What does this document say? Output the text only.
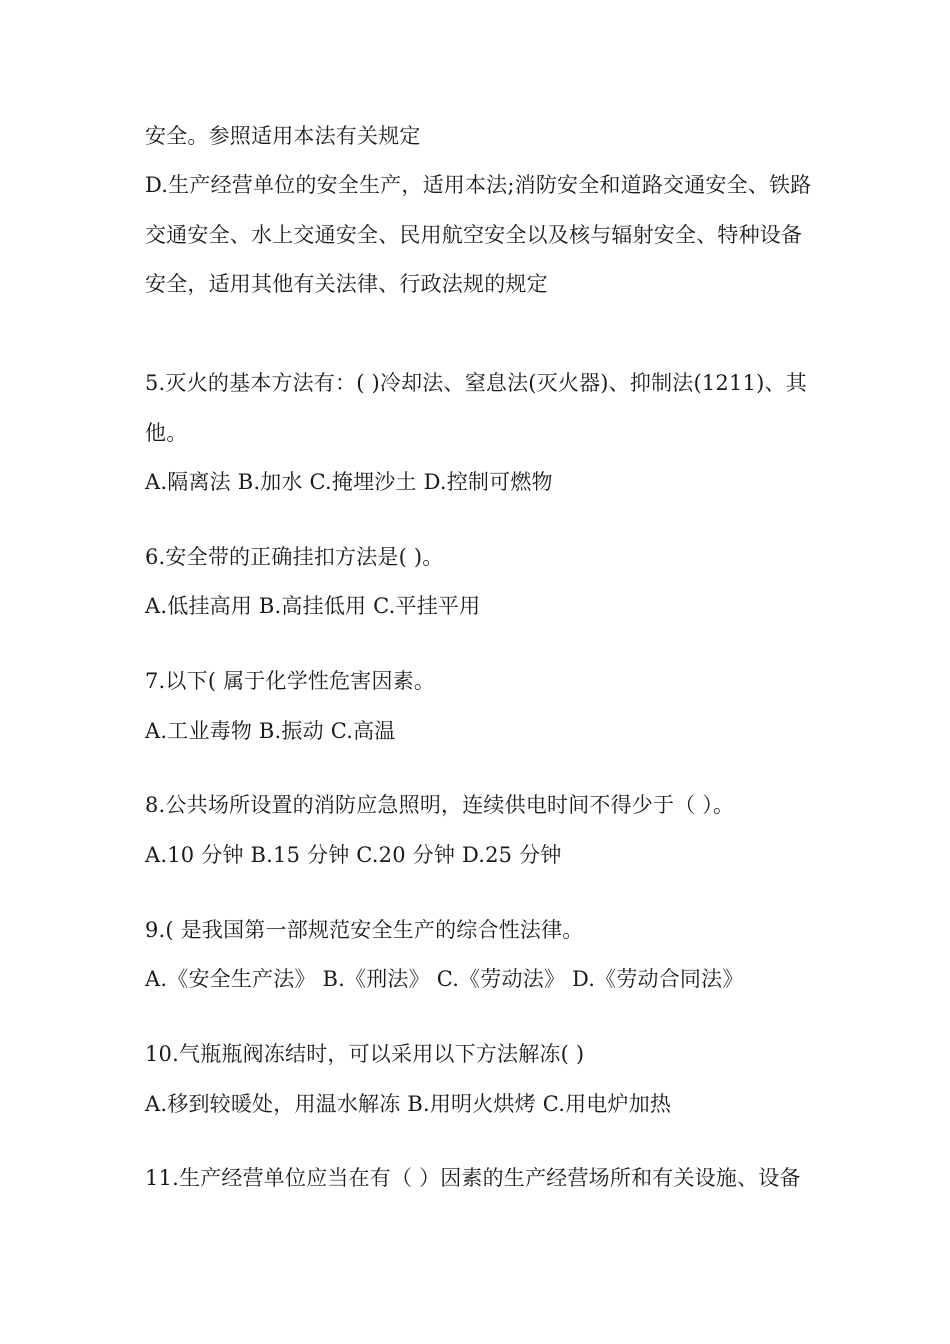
安全。参照适用本法有关规定
D.生产经营单位的安全生产，适用本法;消防安全和道路交通安全、铁路
交通安全、水上交通安全、民用航空安全以及核与辐射安全、特种设备
安全，适用其他有关法律、行政法规的规定
5.灭火的基本方法有：( )冷却法、窒息法(灭火器)、抑制法(1211)、其
他。
A.隔离法 B.加水 C.掩埋沙土 D.控制可燃物
6.安全带的正确挂扣方法是( )。
A.低挂高用 B.高挂低用 C.平挂平用
7.以下( 属于化学性危害因素。
A.工业毒物 B.振动 C.高温
8.公共场所设置的消防应急照明，连续供电时间不得少于（ ）。
A.10 分钟 B.15 分钟 C.20 分钟 D.25 分钟
9.( 是我国第一部规范安全生产的综合性法律。
A.《安全生产法》 B.《刑法》 C.《劳动法》 D.《劳动合同法》
10.气瓶瓶阀冻结时，可以采用以下方法解冻( )
A.移到较暖处，用温水解冻 B.用明火烘烤 C.用电炉加热
11.生产经营单位应当在有（ ）因素的生产经营场所和有关设施、设备
